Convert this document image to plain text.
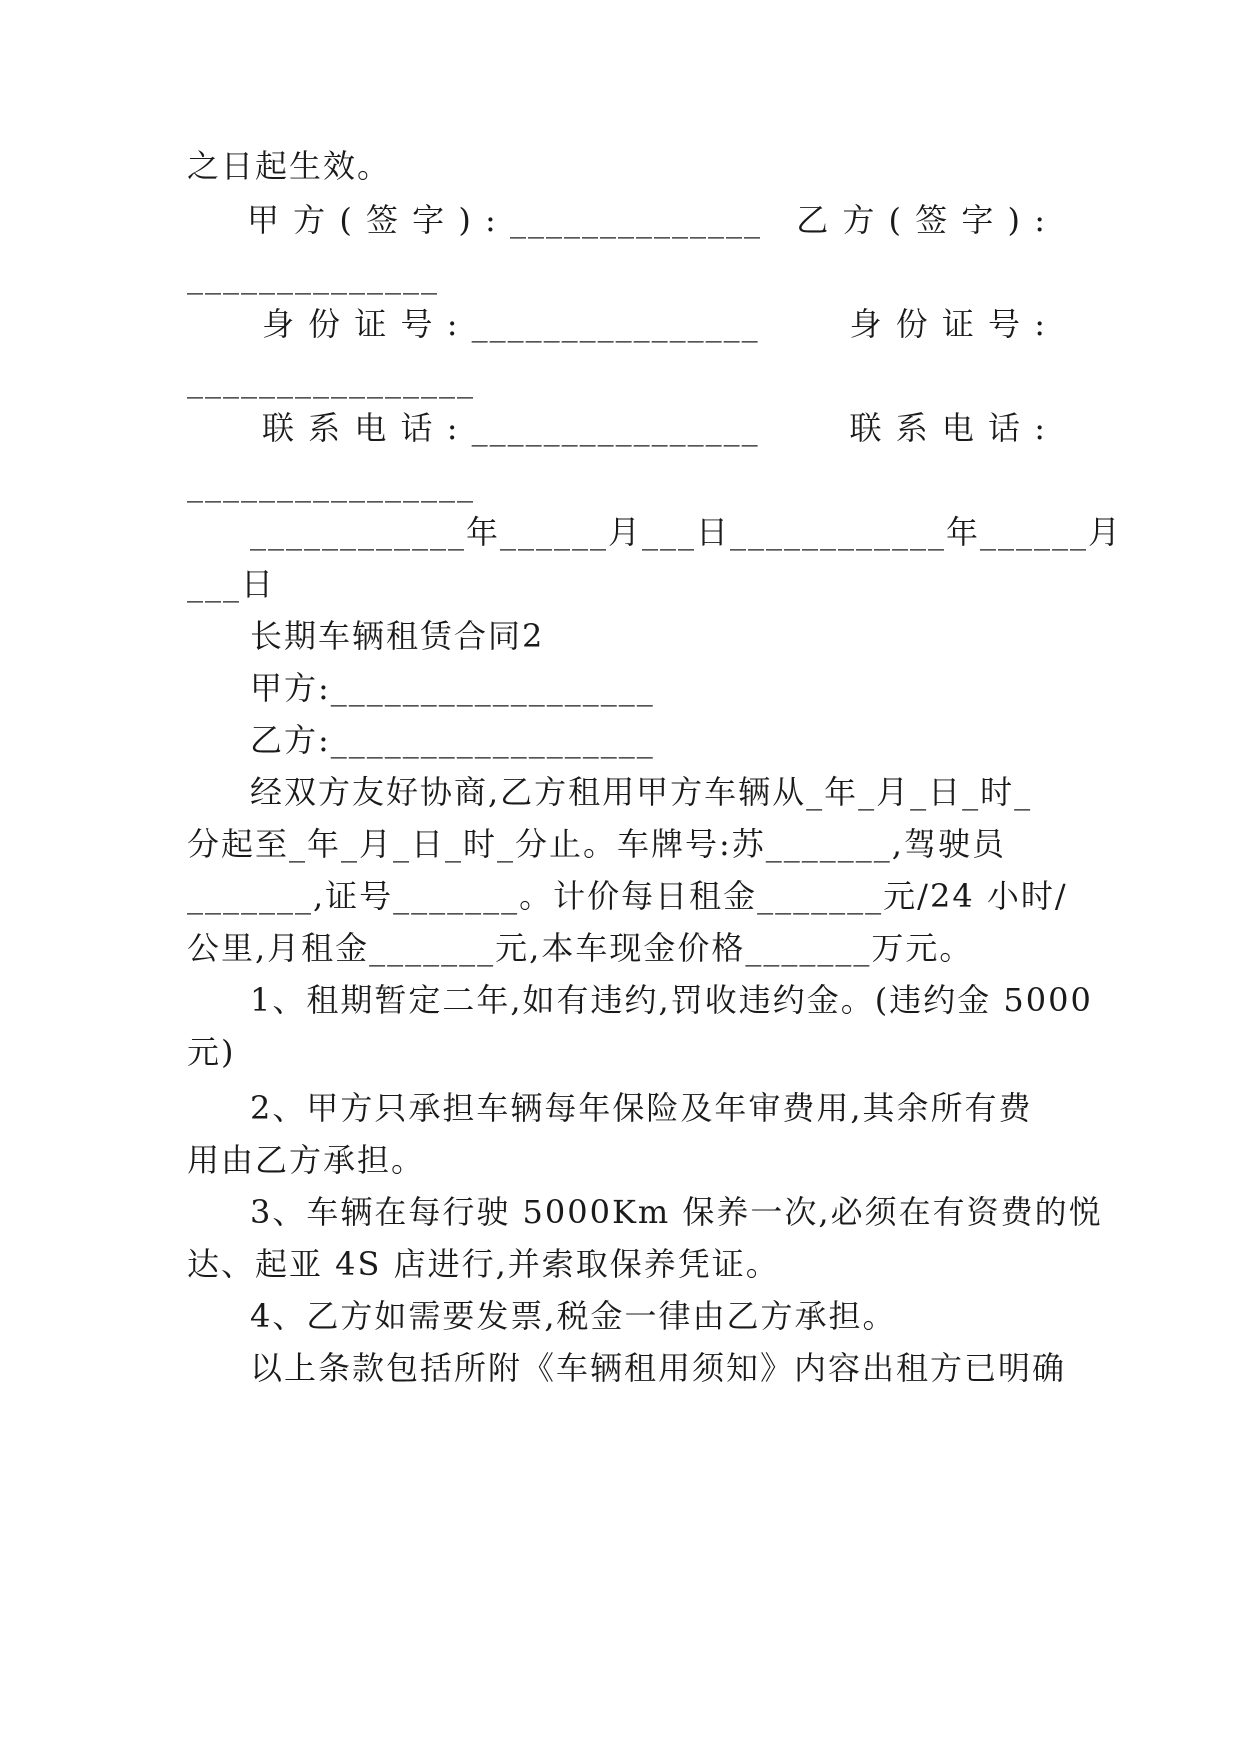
之日起生效。

甲 方 ( 签 字 ) : ______________ 乙 方 ( 签 字 ) :

______________

身 份 证 号 : ________________	身 份 证 号 :

________________

联 系 电 话 : ________________	联 系 电 话 :

________________

____________年______月___日____________年______月

___日

长期车辆租赁合同2

甲方:__________________

乙方:__________________

经双方友好协商,乙方租用甲方车辆从_年_月_日_时_

分起至_年_月_日_时_分止。车牌号:苏_______,驾驶员

_______,证号_______。计价每日租金_______元/24 小时/

公里,月租金_______元,本车现金价格_______万元。

1、租期暂定二年,如有违约,罚收违约金。(违约金 5000

元)

2、甲方只承担车辆每年保险及年审费用,其余所有费

用由乙方承担。

3、车辆在每行驶 5000Km 保养一次,必须在有资费的悦

达、起亚 4S 店进行,并索取保养凭证。

4、乙方如需要发票,税金一律由乙方承担。

以上条款包括所附《车辆租用须知》内容出租方已明确
